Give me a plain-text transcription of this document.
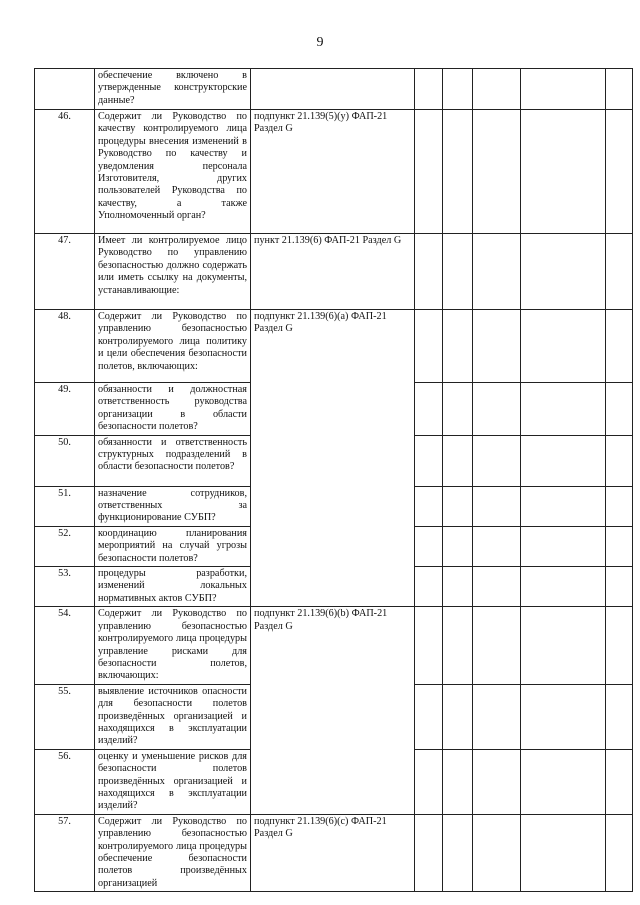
9
	обеспечение включено в утвержденные конструкторские данные?						
46.	Содержит ли Руководство по качеству контролируемого лица процедуры внесения изменений в Руководство по качеству и уведомления персонала Изготовителя, других пользователей Руководства по качеству, а также Уполномоченный орган?	подпункт 21.139(5)(у) ФАП-21 Раздел G					
47.	Имеет ли контролируемое лицо Руководство по управлению безопасностью должно содержать или иметь ссылку на документы, устанавливающие:	пункт 21.139(6) ФАП-21 Раздел G					
48.	Содержит ли Руководство по управлению безопасностью контролируемого лица политику и цели обеспечения безопасности полетов, включающих:	подпункт 21.139(6)(а) ФАП-21 Раздел G					
49.	обязанности и должностная ответственность руководства организации в области безопасности полетов?						
50.	обязанности и ответственность структурных подразделений в области безопасности полетов?						
51.	назначение сотрудников, ответственных за функционирование СУБП?						
52.	координацию планирования мероприятий на случай угрозы безопасности полетов?						
53.	процедуры разработки, изменений локальных нормативных актов СУБП?						
54.	Содержит ли Руководство по управлению безопасностью контролируемого лица процедуры управление рисками для безопасности полетов, включающих:	подпункт 21.139(6)(b) ФАП-21 Раздел G					
55.	выявление источников опасности для безопасности полетов произведённых организацией и находящихся в эксплуатации изделий?						
56.	оценку и уменьшение рисков для безопасности полетов произведённых организацией и находящихся в эксплуатации изделий?						
57.	Содержит ли Руководство по управлению безопасностью контролируемого лица процедуры обеспечение безопасности полетов произведённых организацией	подпункт 21.139(6)(с) ФАП-21 Раздел G					
